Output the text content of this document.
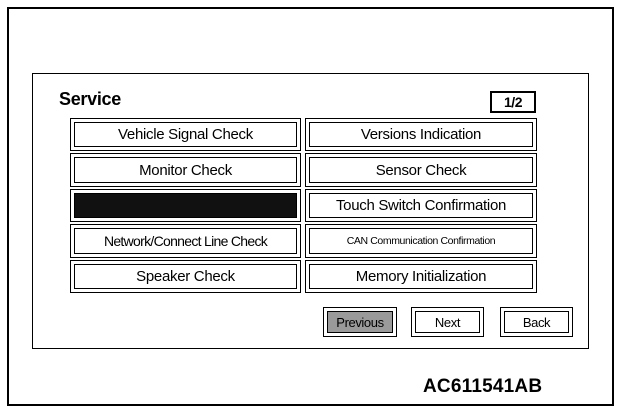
Service	1/2
Vehicle Signal Check
Monitor Check
Network/Connect Line Check
Speaker Check
Versions Indication
Sensor Check
Touch Switch Confirmation
CAN Communication Confirmation
Memory Initialization
Previous	Next	Back
AC611541AB
